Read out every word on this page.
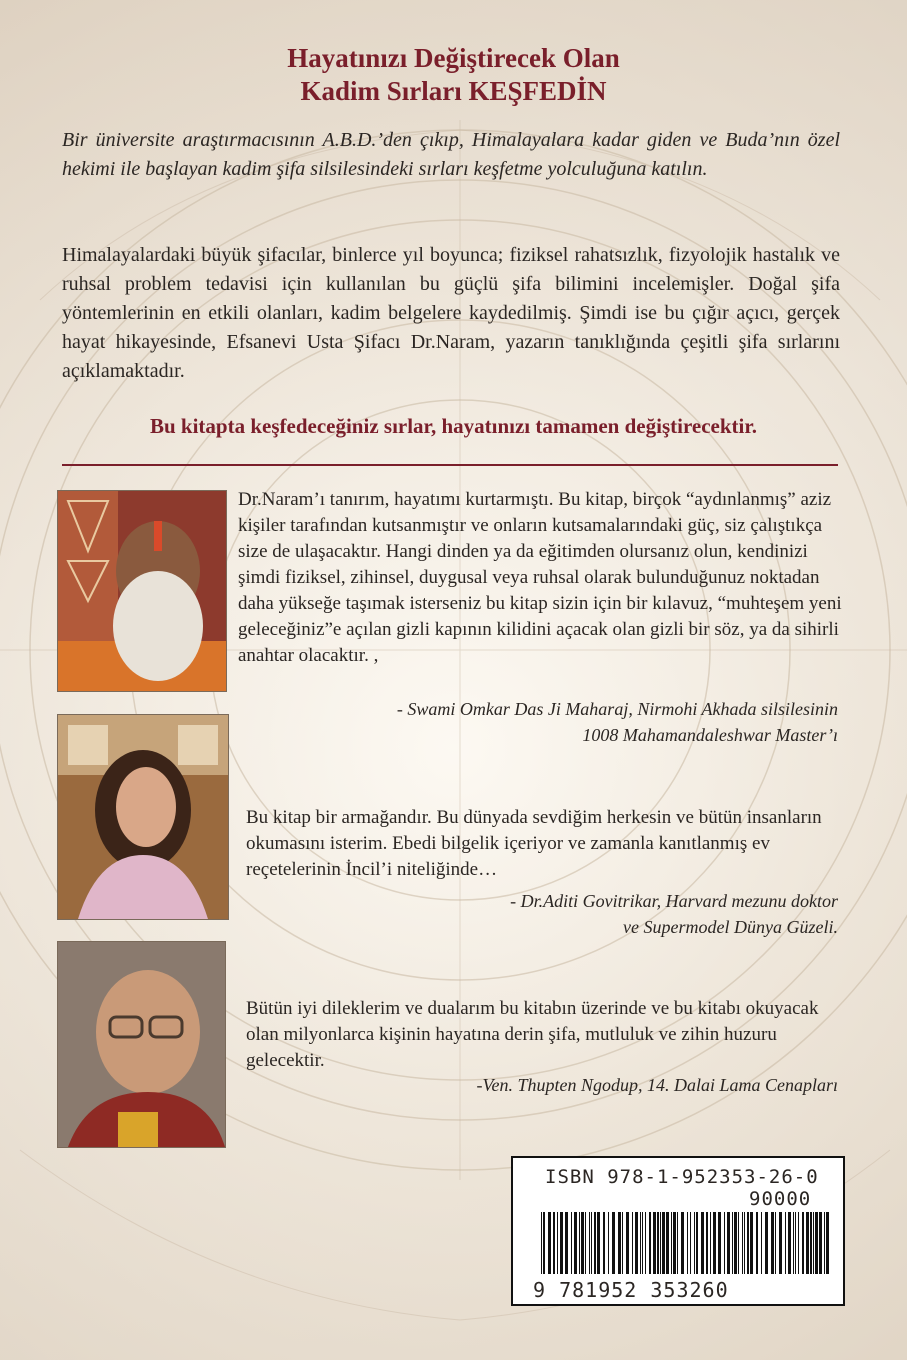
Hayatınızı Değiştirecek Olan
Kadim Sırları KEŞFEDİN
Bir üniversite araştırmacısının A.B.D.’den çıkıp, Himalayalara kadar giden ve Buda’nın özel hekimi ile başlayan kadim şifa silsilesindeki sırları keşfetme yolculuğuna katılın.
Himalayalardaki büyük şifacılar, binlerce yıl boyunca; fiziksel rahatsızlık, fizyolojik hastalık ve ruhsal problem tedavisi için kullanılan bu güçlü şifa bilimini incelemişler. Doğal şifa yöntemlerinin en etkili olanları, kadim belgelere kaydedilmiş. Şimdi ise bu çığır açıcı, gerçek hayat hikayesinde, Efsanevi Usta Şifacı Dr.Naram, yazarın tanıklığında çeşitli şifa sırlarını açıklamaktadır.
Bu kitapta keşfedeceğiniz sırlar, hayatınızı tamamen değiştirecektir.
Dr.Naram’ı tanırım, hayatımı kurtarmıştı. Bu kitap, birçok “aydınlanmış” aziz kişiler tarafından kutsanmıştır ve onların kutsamalarındaki güç, siz çalıştıkça size de ulaşacaktır. Hangi dinden ya da eğitimden olursanız olun, kendinizi şimdi fiziksel, zihinsel, duygusal veya ruhsal olarak bulunduğunuz noktadan daha yükseğe taşımak isterseniz bu kitap sizin için bir kılavuz, “muhteşem yeni geleceğiniz”e açılan gizli kapının kilidini açacak olan gizli bir söz, ya da sihirli anahtar olacaktır. ,
- Swami Omkar Das Ji Maharaj, Nirmohi Akhada silsilesinin
1008 Mahamandaleshwar Master’ı
Bu kitap bir armağandır. Bu dünyada sevdiğim herkesin ve bütün insanların okumasını isterim. Ebedi bilgelik içeriyor ve zamanla kanıtlanmış ev reçetelerinin İncil’i niteliğinde…
- Dr.Aditi Govitrikar, Harvard mezunu doktor
ve Supermodel Dünya Güzeli.
Bütün iyi dileklerim ve dualarım bu kitabın üzerinde ve bu kitabı okuyacak olan milyonlarca kişinin hayatına derin şifa, mutluluk ve zihin huzuru gelecektir.
-Ven. Thupten Ngodup, 14. Dalai Lama Cenapları
ISBN 978-1-952353-26-0
90000
9 781952 353260
